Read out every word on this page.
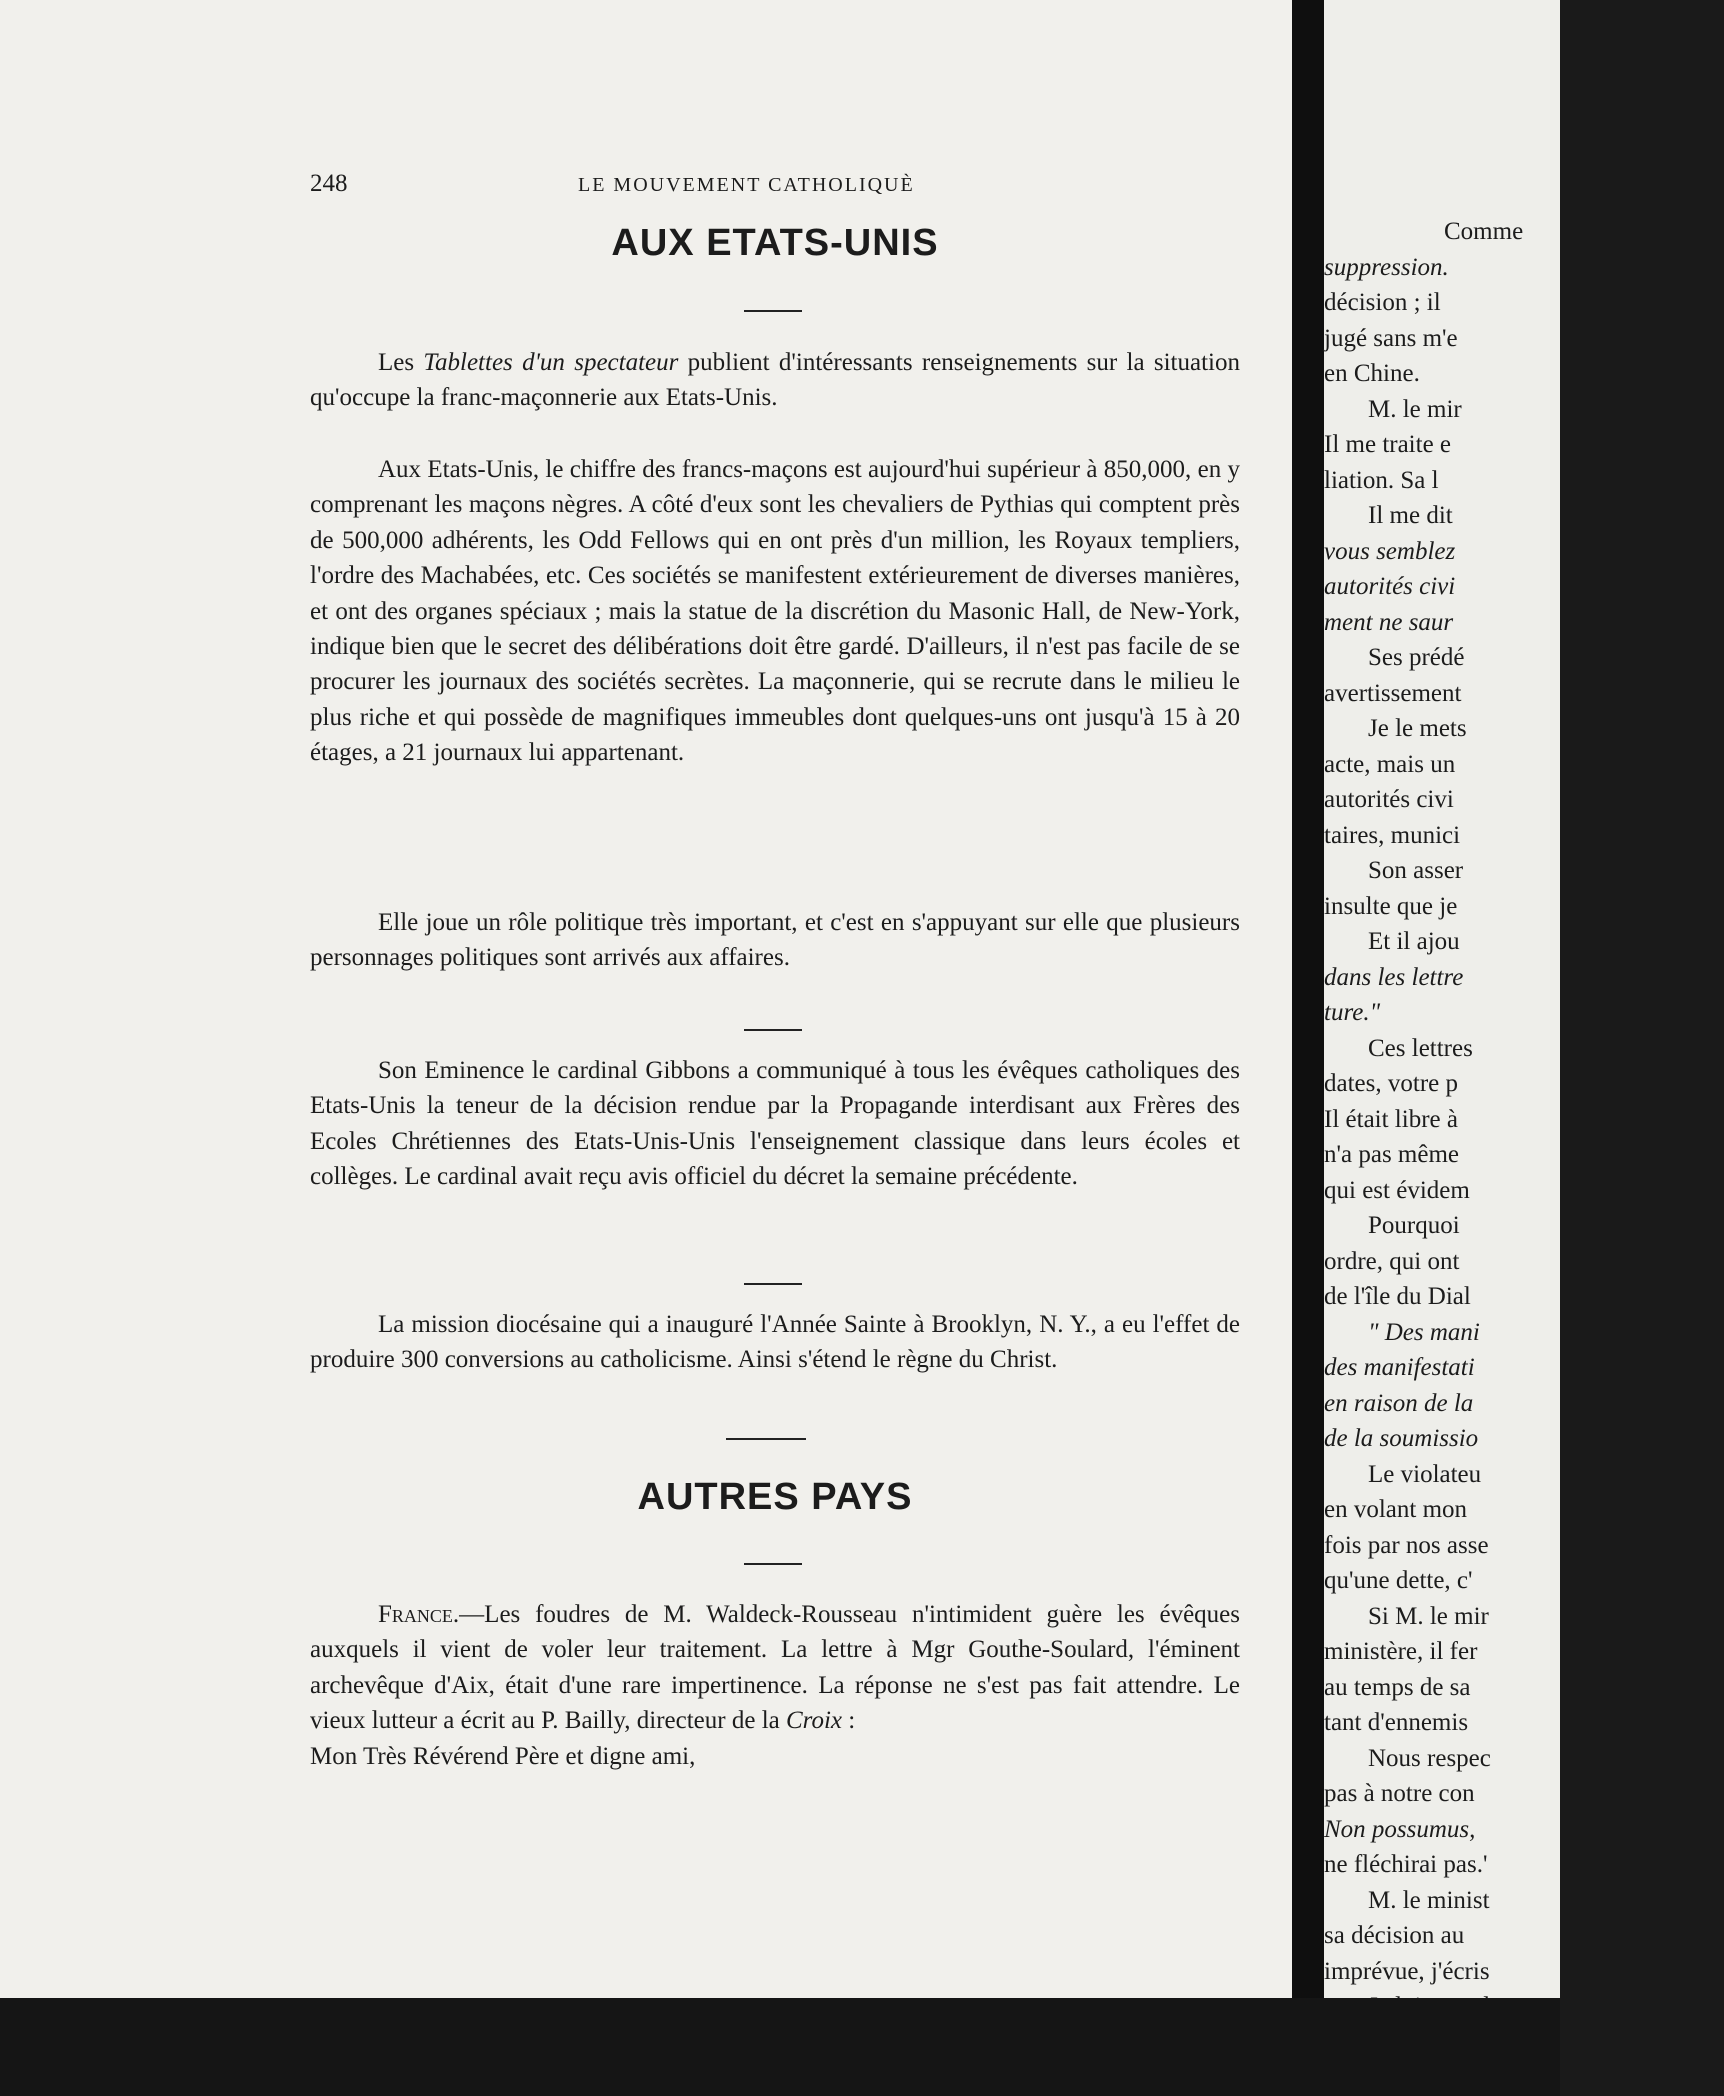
248	LE MOUVEMENT CATHOLIQUÈ
AUX ETATS-UNIS

Les Tablettes d'un spectateur publient d'intéressants renseignements sur la situation qu'occupe la franc-maçonnerie aux Etats-Unis.

Aux Etats-Unis, le chiffre des francs-maçons est aujourd'hui supérieur à 850,000, en y comprenant les maçons nègres. A côté d'eux sont les chevaliers de Pythias qui comptent près de 500,000 adhérents, les Odd Fellows qui en ont près d'un million, les Royaux templiers, l'ordre des Machabées, etc. Ces sociétés se manifestent extérieurement de diverses manières, et ont des organes spéciaux ; mais la statue de la discrétion du Masonic Hall, de New-York, indique bien que le secret des délibérations doit être gardé. D'ailleurs, il n'est pas facile de se procurer les journaux des sociétés secrètes. La maçonnerie, qui se recrute dans le milieu le plus riche et qui possède de magnifiques immeubles dont quelques-uns ont jusqu'à 15 à 20 étages, a 21 journaux lui appartenant.

Elle joue un rôle politique très important, et c'est en s'appuyant sur elle que plusieurs personnages politiques sont arrivés aux affaires.

Son Eminence le cardinal Gibbons a communiqué à tous les évêques catholiques des Etats-Unis la teneur de la décision rendue par la Propagande interdisant aux Frères des Ecoles Chrétiennes des Etats-Unis-Unis l'enseignement classique dans leurs écoles et collèges. Le cardinal avait reçu avis officiel du décret la semaine précédente.

La mission diocésaine qui a inauguré l'Année Sainte à Brooklyn, N. Y., a eu l'effet de produire 300 conversions au catholicisme. Ainsi s'étend le règne du Christ.

AUTRES PAYS

France.—Les foudres de M. Waldeck-Rousseau n'intimident guère les évêques auxquels il vient de voler leur traitement. La lettre à Mgr Gouthe-Soulard, l'éminent archevêque d'Aix, était d'une rare impertinence. La réponse ne s'est pas fait attendre. Le vieux lutteur a écrit au P. Bailly, directeur de la Croix :

Mon Très Révérend Père et digne ami,

Comme
suppression.
décision ; il
jugé sans m'e
en Chine.
M. le mir
Il me traite e
liation. Sa l
Il me dit
vous semblez
autorités civi
ment ne saur
Ses prédé
avertissement
Je le mets
acte, mais un
autorités civi
taires, munici
Son asser
insulte que je
Et il ajou
dans les lettre
ture."
Ces lettres
dates, votre p
Il était libre à
n'a pas même
qui est évidem
Pourquoi
ordre, qui ont
de l'île du Dial
" Des mani
des manifestati
en raison de la
de la soumissio
Le violateu
en volant mon
fois par nos asse
qu'une dette, c'
Si M. le mir
ministère, il fer
au temps de sa
tant d'ennemis
Nous respec
pas à notre con
Non possumus,
ne fléchirai pas.'
M. le minist
sa décision au
imprévue, j'écris
